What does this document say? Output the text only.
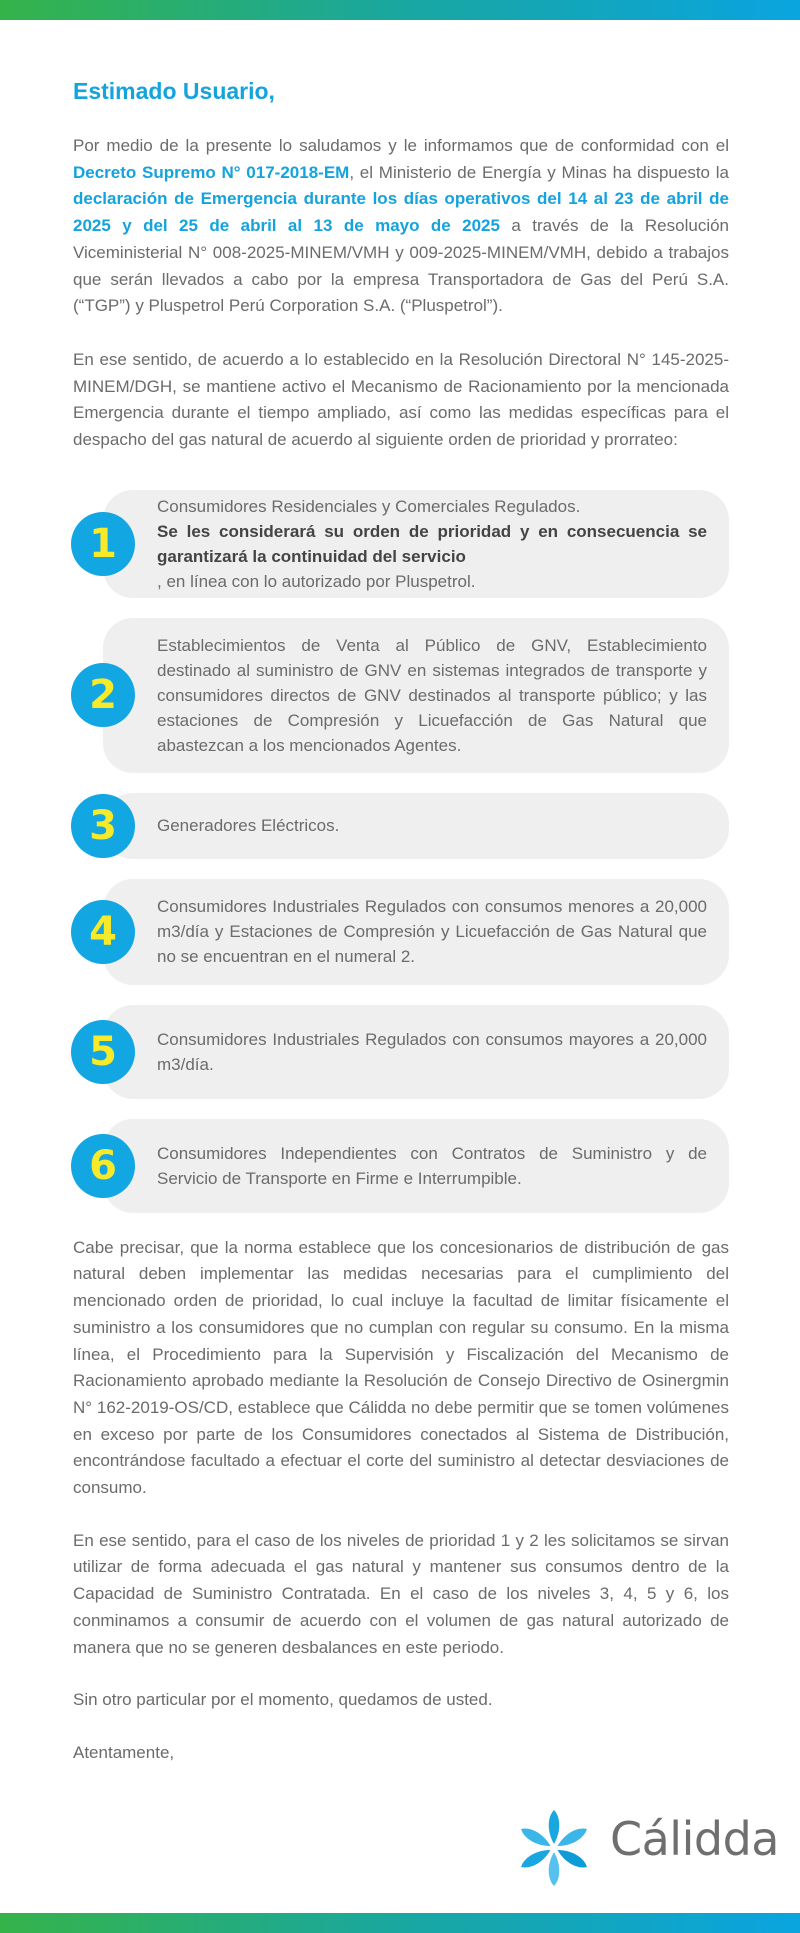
Estimado Usuario,

Por medio de la presente lo saludamos y le informamos que de conformidad con el Decreto Supremo N° 017-2018-EM, el Ministerio de Energía y Minas ha dispuesto la declaración de Emergencia durante los días operativos del 14 al 23 de abril de 2025 y del 25 de abril al 13 de mayo de 2025 a través de la Resolución Viceministerial N° 008-2025-MINEM/VMH y 009-2025-MINEM/VMH, debido a trabajos que serán llevados a cabo por la empresa Transportadora de Gas del Perú S.A. (“TGP”) y Pluspetrol Perú Corporation S.A. (“Pluspetrol”).

En ese sentido, de acuerdo a lo establecido en la Resolución Directoral N° 145-2025-MINEM/DGH, se mantiene activo el Mecanismo de Racionamiento por la mencionada Emergencia durante el tiempo ampliado, así como las medidas específicas para el despacho del gas natural de acuerdo al siguiente orden de prioridad y prorrateo:

Consumidores Residenciales y Comerciales Regulados.
Se les considerará su orden de prioridad y en consecuencia se garantizará la continuidad del servicio
, en línea con lo autorizado por Pluspetrol.
1
Establecimientos de Venta al Público de GNV, Establecimiento destinado al suministro de GNV en sistemas integrados de transporte y consumidores directos de GNV destinados al transporte público; y las estaciones de Compresión y Licuefacción de Gas Natural que abastezcan a los mencionados Agentes.
2
Generadores Eléctricos.
3
Consumidores Industriales Regulados con consumos menores a 20,000 m3/día y Estaciones de Compresión y Licuefacción de Gas Natural que no se encuentran en el numeral 2.
4
Consumidores Industriales Regulados con consumos mayores a 20,000 m3/día.
5
Consumidores Independientes con Contratos de Suministro y de Servicio de Transporte en Firme e Interrumpible.
6

Cabe precisar, que la norma establece que los concesionarios de distribución de gas natural deben implementar las medidas necesarias para el cumplimiento del mencionado orden de prioridad, lo cual incluye la facultad de limitar físicamente el suministro a los consumidores que no cumplan con regular su consumo. En la misma línea, el Procedimiento para la Supervisión y Fiscalización del Mecanismo de Racionamiento aprobado mediante la Resolución de Consejo Directivo de Osinergmin N° 162-2019-OS/CD, establece que Cálidda no debe permitir que se tomen volúmenes en exceso por parte de los Consumidores conectados al Sistema de Distribución, encontrándose facultado a efectuar el corte del suministro al detectar desviaciones de consumo.

En ese sentido, para el caso de los niveles de prioridad 1 y 2 les solicitamos se sirvan utilizar de forma adecuada el gas natural y mantener sus consumos dentro de la Capacidad de Suministro Contratada. En el caso de los niveles 3, 4, 5 y 6, los conminamos a consumir de acuerdo con el volumen de gas natural autorizado de manera que no se generen desbalances en este periodo.

Sin otro particular por el momento, quedamos de usted.

Atentamente,

Cálidda
